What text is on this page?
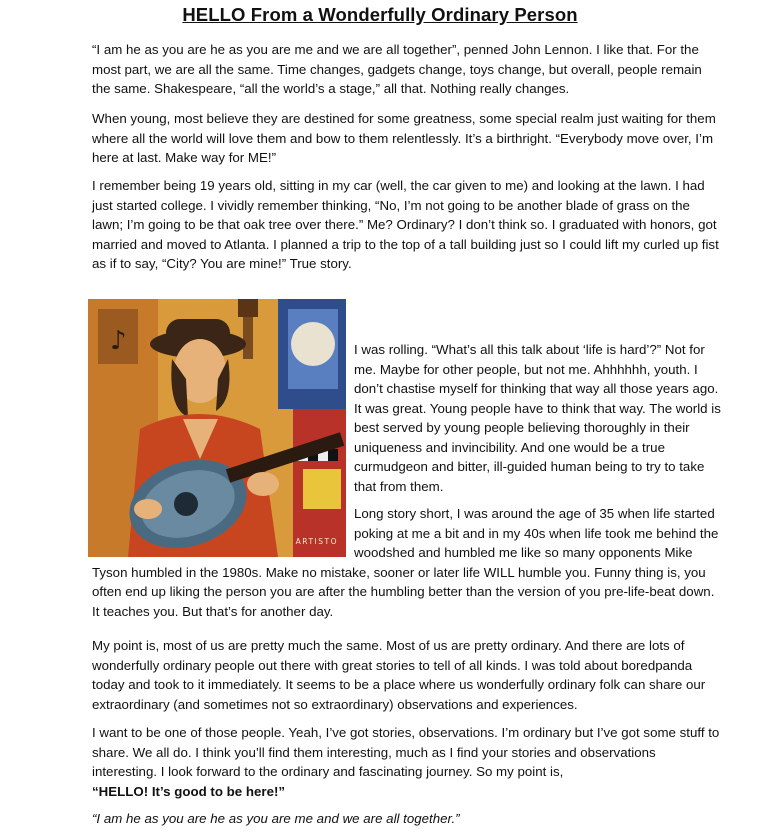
HELLO From a Wonderfully Ordinary Person

“I am he as you are he as you are me and we are all together”, penned John Lennon. I like that. For the most part, we are all the same. Time changes, gadgets change, toys change, but overall, people remain the same. Shakespeare, “all the world’s a stage,” all that. Nothing really changes.

When young, most believe they are destined for some greatness, some special realm just waiting for them where all the world will love them and bow to them relentlessly. It’s a birthright. “Everybody move over, I’m here at last. Make way for ME!”

I remember being 19 years old, sitting in my car (well, the car given to me) and looking at the lawn. I had just started college. I vividly remember thinking, “No, I’m not going to be another blade of grass on the lawn; I’m going to be that oak tree over there.” Me? Ordinary? I don’t think so. I graduated with honors, got married and moved to Atlanta. I planned a trip to the top of a tall building just so I could lift my curled up fist as if to say, “City? You are mine!” True story.

♪
ARTISTO

I was rolling. “What’s all this talk about ‘life is hard’?” Not for me. Maybe for other people, but not me. Ahhhhhh, youth. I don’t chastise myself for thinking that way all those years ago. It was great. Young people have to think that way. The world is best served by young people believing thoroughly in their uniqueness and invincibility. And one would be a true curmudgeon and bitter, ill-guided human being to try to take that from them.

Long story short, I was around the age of 35 when life started poking at me a bit and in my 40s when life took me behind the woodshed and humbled me like so many opponents Mike Tyson humbled in the 1980s. Make no mistake, sooner or later life WILL humble you. Funny thing is, you often end up liking the person you are after the humbling better than the version of you pre-life-beat down. It teaches you. But that’s for another day.

My point is, most of us are pretty much the same. Most of us are pretty ordinary. And there are lots of wonderfully ordinary people out there with great stories to tell of all kinds. I was told about boredpanda today and took to it immediately. It seems to be a place where us wonderfully ordinary folk can share our extraordinary (and sometimes not so extraordinary) observations and experiences.

I want to be one of those people. Yeah, I’ve got stories, observations. I’m ordinary but I’ve got some stuff to share. We all do. I think you’ll find them interesting, much as I find your stories and observations interesting. I look forward to the ordinary and fascinating journey. So my point is,
“HELLO! It’s good to be here!”

“I am he as you are he as you are me and we are all together.”
